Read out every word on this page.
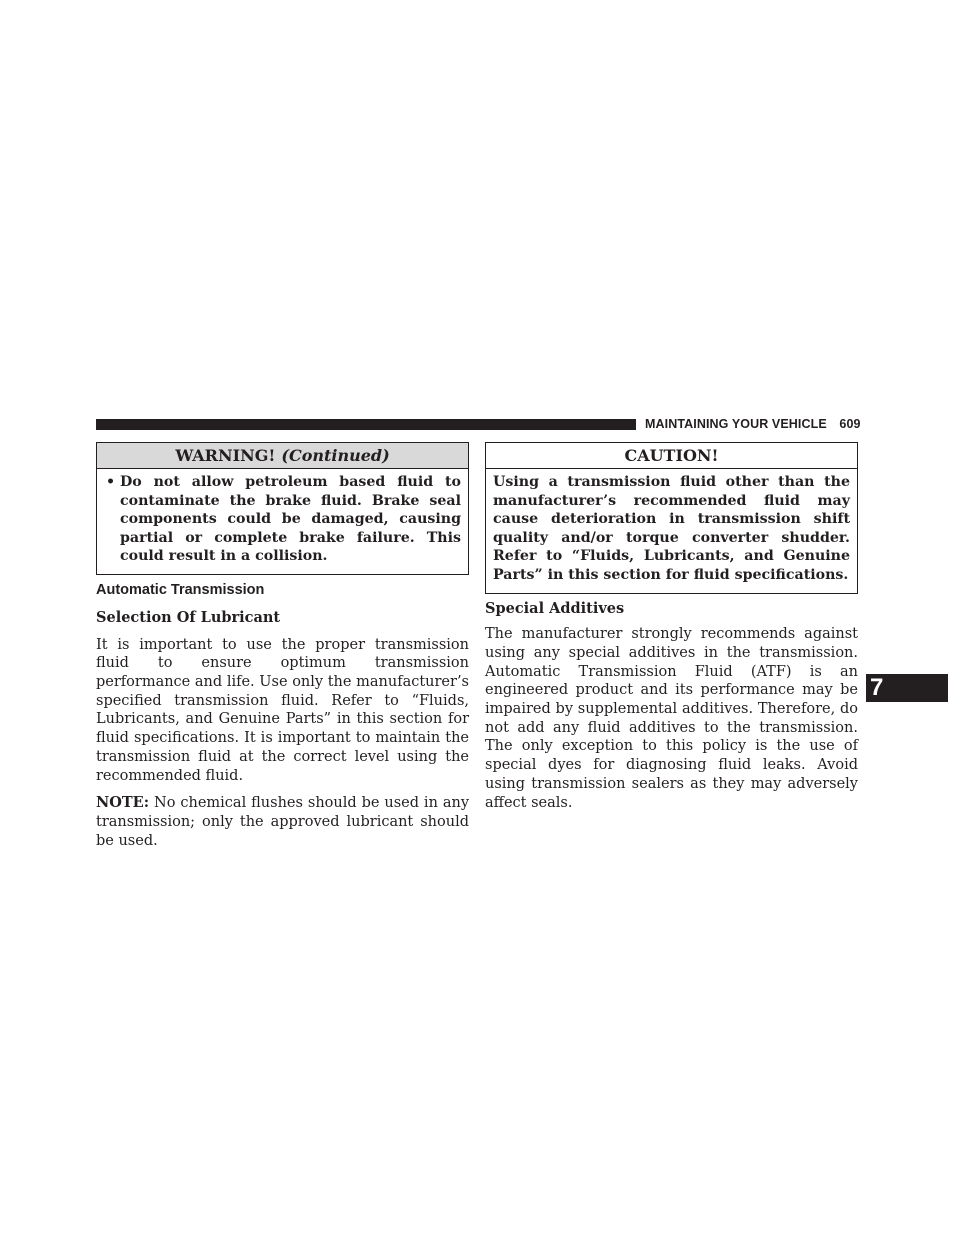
MAINTAINING YOUR VEHICLE 609
7
WARNING! (Continued)
• Do not allow petroleum based fluid to contaminate the brake fluid. Brake seal components could be damaged, causing partial or complete brake failure. This could result in a collision.
Automatic Transmission
Selection Of Lubricant

It is important to use the proper transmission fluid to ensure optimum transmission performance and life. Use only the manufacturer’s specified transmission fluid. Refer to “Fluids, Lubricants, and Genuine Parts” in this section for fluid specifications. It is important to maintain the transmission fluid at the correct level using the recommended fluid.

NOTE: No chemical flushes should be used in any transmission; only the approved lubricant should be used.

CAUTION!
Using a transmission fluid other than the manufacturer’s recommended fluid may cause deterioration in transmission shift quality and/or torque converter shudder. Refer to “Fluids, Lubricants, and Genuine Parts” in this section for fluid specifications.
Special Additives

The manufacturer strongly recommends against using any special additives in the transmission. Automatic Transmission Fluid (ATF) is an engineered product and its performance may be impaired by supplemental additives. Therefore, do not add any fluid additives to the transmission. The only exception to this policy is the use of special dyes for diagnosing fluid leaks. Avoid using transmission sealers as they may adversely affect seals.
